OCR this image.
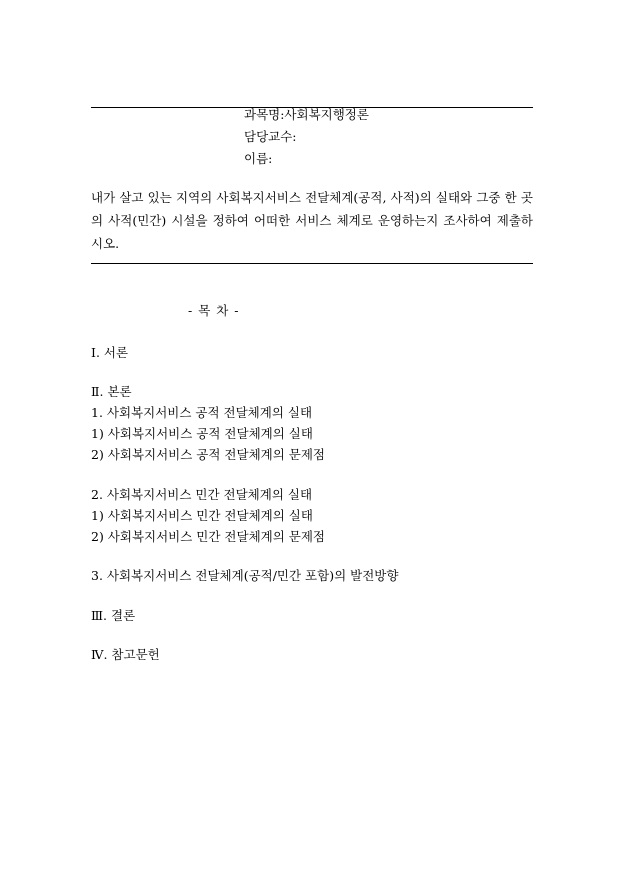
과목명:사회복지행정론
담당교수:
이름:
내가 살고 있는 지역의 사회복지서비스 전달체계(공적, 사적)의 실태와 그중 한 곳의 사적(민간) 시설을 정하여 어떠한 서비스 체계로 운영하는지 조사하여 제출하시오.
- 목 차 -
Ⅰ. 서론
Ⅱ. 본론
1. 사회복지서비스 공적 전달체계의 실태
1) 사회복지서비스 공적 전달체계의 실태
2) 사회복지서비스 공적 전달체계의 문제점
2. 사회복지서비스 민간 전달체계의 실태
1) 사회복지서비스 민간 전달체계의 실태
2) 사회복지서비스 민간 전달체계의 문제점
3. 사회복지서비스 전달체계(공적/민간 포함)의 발전방향
Ⅲ. 결론
Ⅳ. 참고문헌
